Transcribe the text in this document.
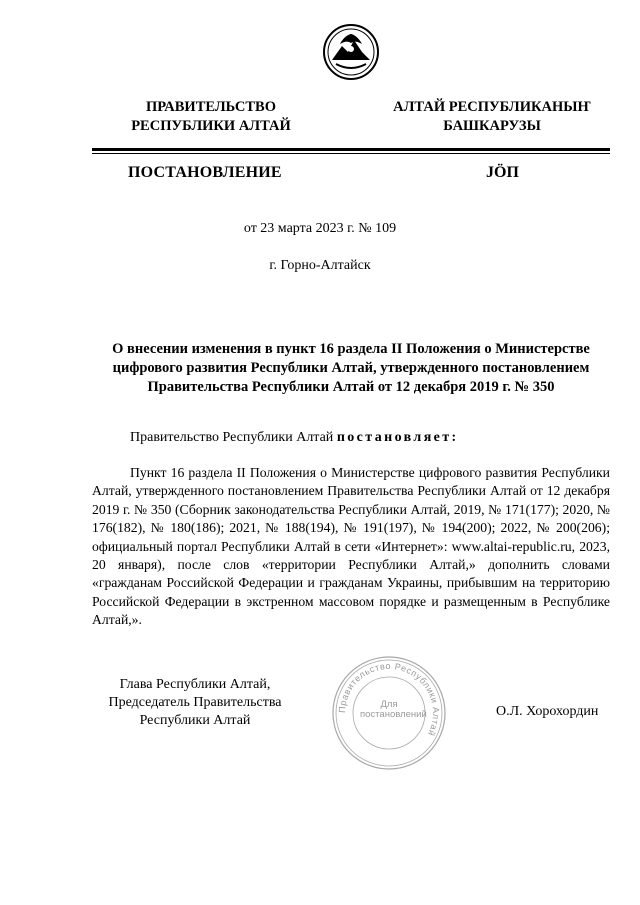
ПРАВИТЕЛЬСТВО
РЕСПУБЛИКИ АЛТАЙ
АЛТАЙ РЕСПУБЛИКАНЫҤ
БАШКАРУЗЫ
ПОСТАНОВЛЕНИЕ	JӦП
от 23 марта 2023 г. № 109
г. Горно-Алтайск
О внесении изменения в пункт 16 раздела II Положения о Министерстве цифрового развития Республики Алтай, утвержденного постановлением Правительства Республики Алтай от 12 декабря 2019 г. № 350
Правительство Республики Алтай постановляет:
Пункт 16 раздела II Положения о Министерстве цифрового развития Республики Алтай, утвержденного постановлением Правительства Республики Алтай от 12 декабря 2019 г. № 350 (Сборник законодательства Республики Алтай, 2019, № 171(177); 2020, № 176(182), № 180(186); 2021, № 188(194), № 191(197), № 194(200); 2022, № 200(206); официальный портал Республики Алтай в сети «Интернет»: www.altai-republic.ru, 2023, 20 января), после слов «территории Республики Алтай,» дополнить словами «гражданам Российской Федерации и гражданам Украины, прибывшим на территорию Российской Федерации в экстренном массовом порядке и размещенным в Республике Алтай,».
Правительство Республики Алтай
Для
постановлений
Глава Республики Алтай,
Председатель Правительства
Республики Алтай
О.Л. Хорохордин
